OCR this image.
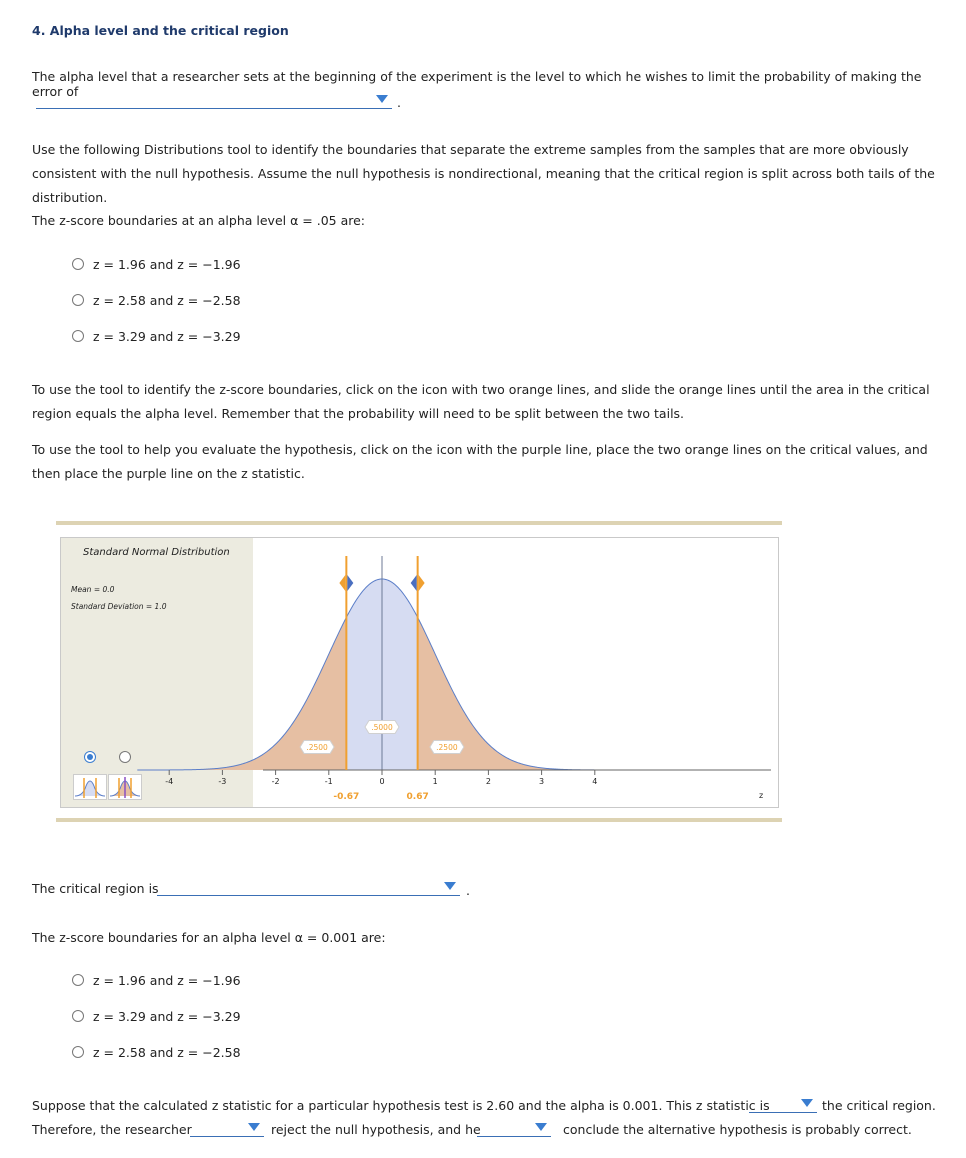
4. Alpha level and the critical region
The alpha level that a researcher sets at the beginning of the experiment is the level to which he wishes to limit the probability of making the error of
.
Use the following Distributions tool to identify the boundaries that separate the extreme samples from the samples that are more obviously consistent with the null hypothesis. Assume the null hypothesis is nondirectional, meaning that the critical region is split across both tails of the distribution.
The z-score boundaries at an alpha level α = .05 are:
z = 1.96 and z = −1.96
z = 2.58 and z = −2.58
z = 3.29 and z = −3.29
To use the tool to identify the z-score boundaries, click on the icon with two orange lines, and slide the orange lines until the area in the critical region equals the alpha level. Remember that the probability will need to be split between the two tails.
To use the tool to help you evaluate the hypothesis, click on the icon with the purple line, place the two orange lines on the critical values, and then place the purple line on the z statistic.
Standard Normal Distribution
Mean = 0.0
Standard Deviation = 1.0
-4	-3	-2	-1	0	1	2	3	4
z
-0.67	0.67
.2500
.5000
.2500
The critical region is	.
The z-score boundaries for an alpha level α = 0.001 are:
z = 1.96 and z = −1.96
z = 3.29 and z = −3.29
z = 2.58 and z = −2.58
Suppose that the calculated z statistic for a particular hypothesis test is 2.60 and the alpha is 0.001. This z statistic is	the critical region.
Therefore, the researcher	reject the null hypothesis, and he	conclude the alternative hypothesis is probably correct.
